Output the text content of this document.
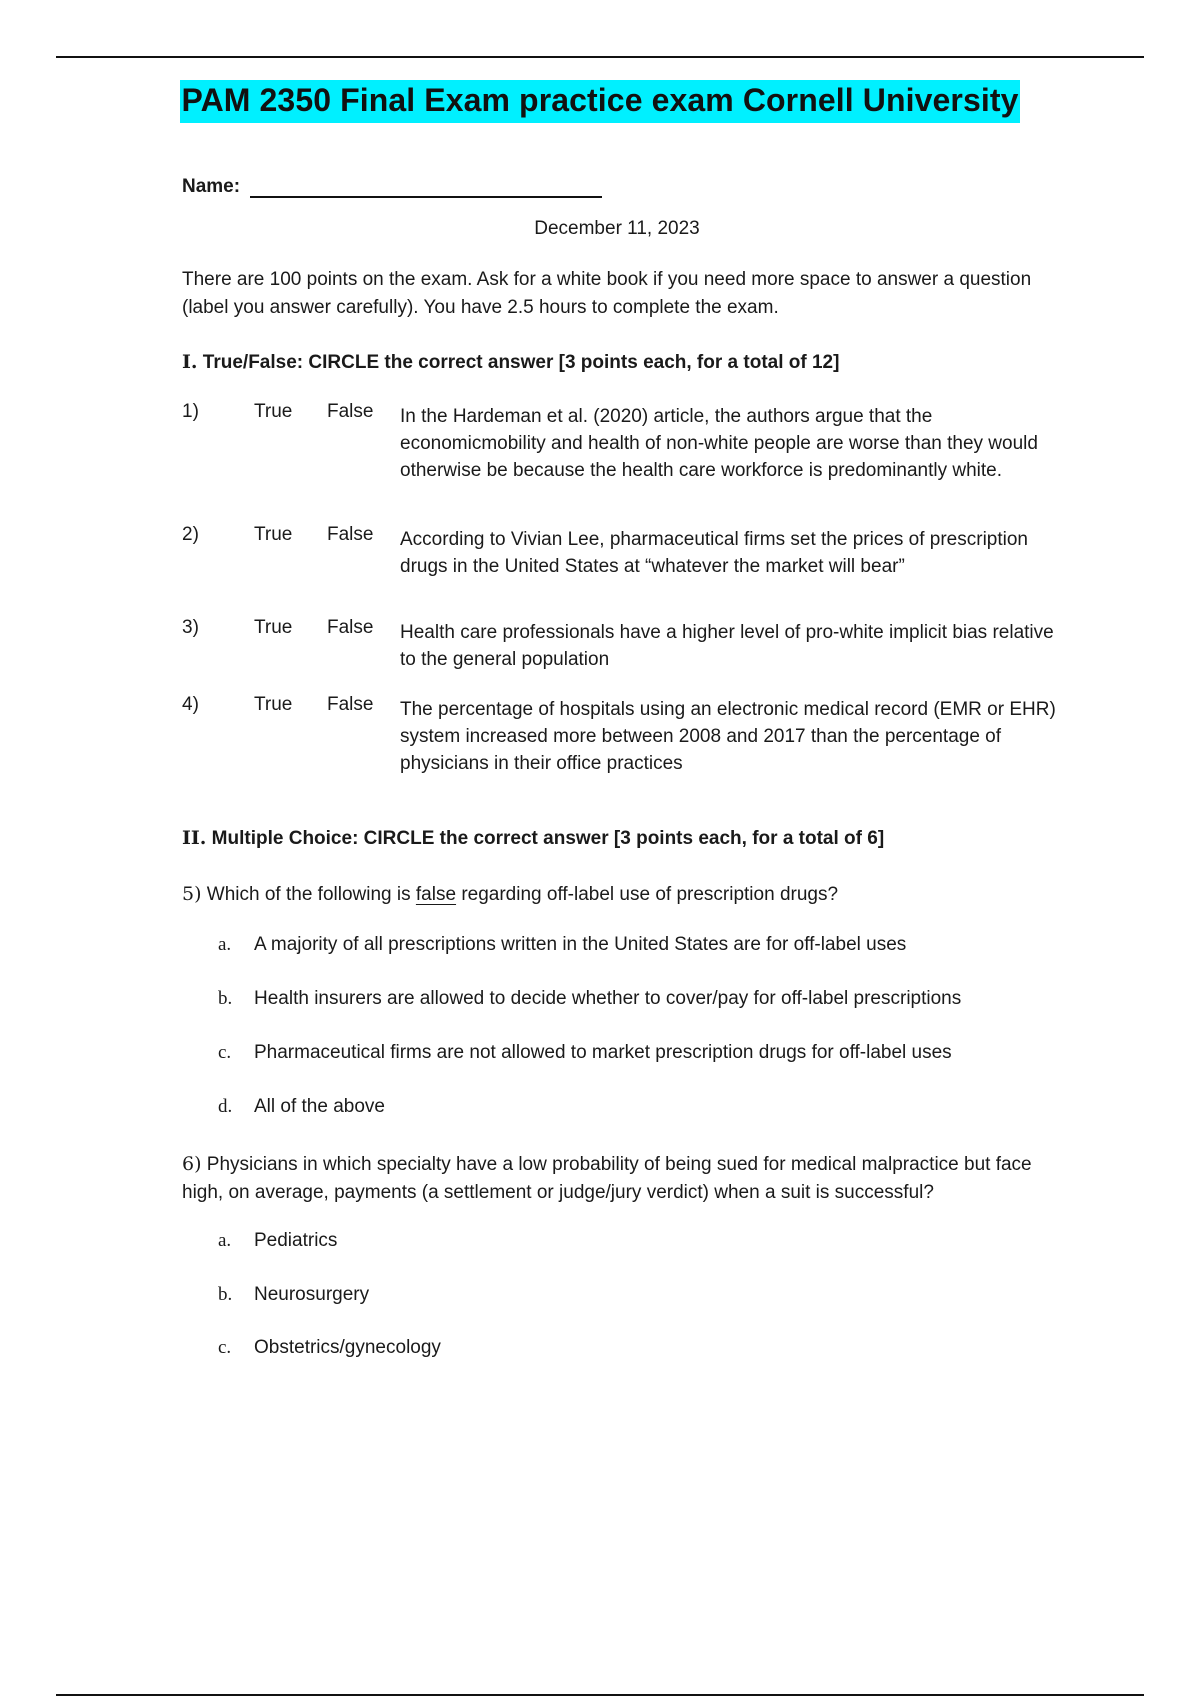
PAM 2350 Final Exam practice exam Cornell University
Name:
December 11, 2023
There are 100 points on the exam. Ask for a white book if you need more space to answer a question (label you answer carefully). You have 2.5 hours to complete the exam.
I. True/False: CIRCLE the correct answer [3 points each, for a total of 12]
1)	True False In the Hardeman et al. (2020) article, the authors argue that the economicmobility and health of non-white people are worse than they would otherwise be because the health care workforce is predominantly white.
2)	True False According to Vivian Lee, pharmaceutical firms set the prices of prescription drugs in the United States at “whatever the market will bear”
3)	True False Health care professionals have a higher level of pro-white implicit bias relative to the general population
4)	True False The percentage of hospitals using an electronic medical record (EMR or EHR) system increased more between 2008 and 2017 than the percentage of physicians in their office practices
II. Multiple Choice: CIRCLE the correct answer [3 points each, for a total of 6]
5) Which of the following is false regarding off-label use of prescription drugs?
a. A majority of all prescriptions written in the United States are for off-label uses
b. Health insurers are allowed to decide whether to cover/pay for off-label prescriptions
c. Pharmaceutical firms are not allowed to market prescription drugs for off-label uses
d. All of the above
6) Physicians in which specialty have a low probability of being sued for medical malpractice but face high, on average, payments (a settlement or judge/jury verdict) when a suit is successful?
a. Pediatrics
b. Neurosurgery
c. Obstetrics/gynecology
